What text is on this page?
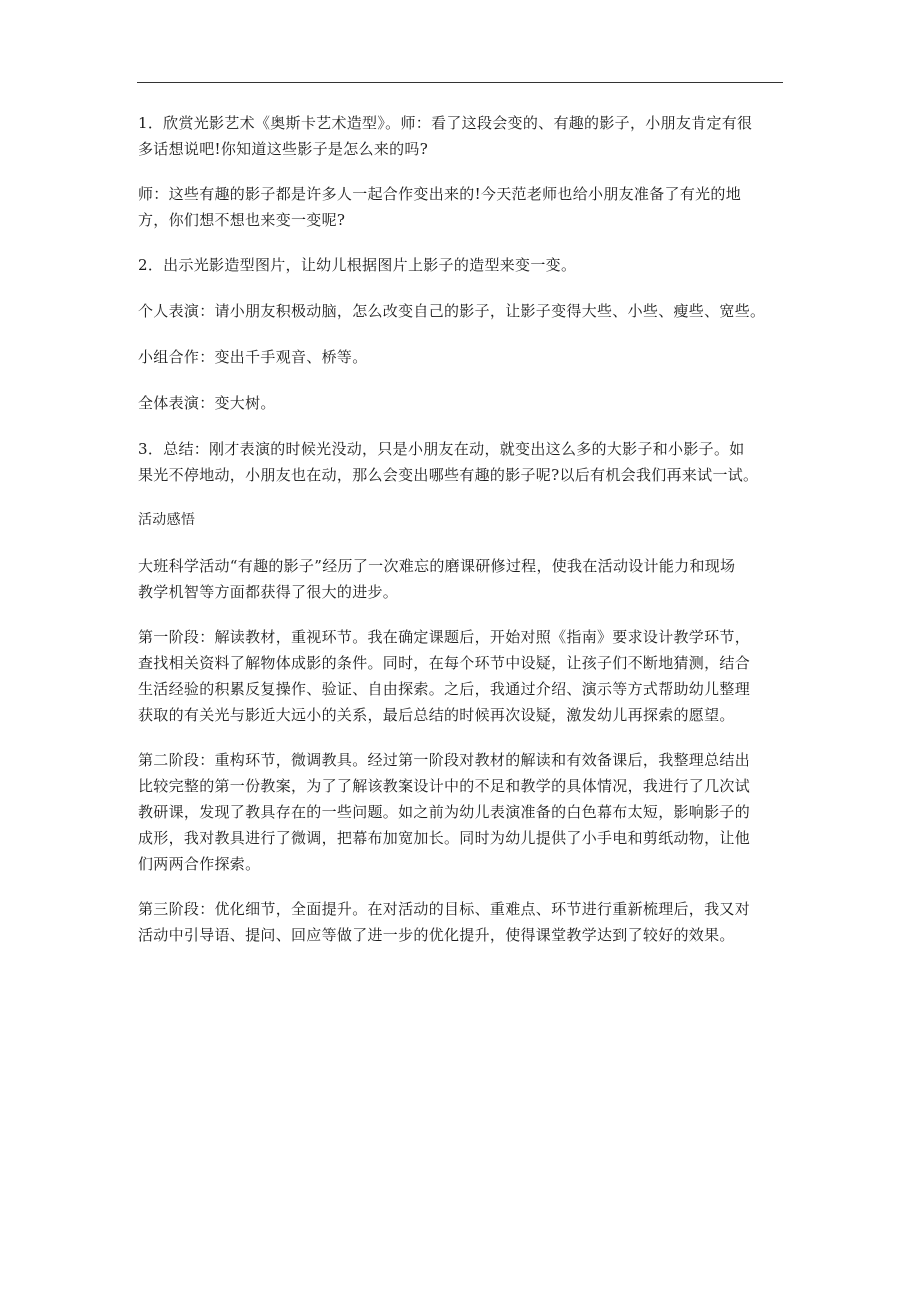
1．欣赏光影艺术《奥斯卡艺术造型》。师：看了这段会变的、有趣的影子，小朋友肯定有很
多话想说吧!你知道这些影子是怎么来的吗?

师：这些有趣的影子都是许多人一起合作变出来的!今天范老师也给小朋友准备了有光的地
方，你们想不想也来变一变呢?

2．出示光影造型图片，让幼儿根据图片上影子的造型来变一变。

个人表演：请小朋友积极动脑，怎么改变自己的影子，让影子变得大些、小些、瘦些、宽些。

小组合作：变出千手观音、桥等。

全体表演：变大树。

3．总结：刚才表演的时候光没动，只是小朋友在动，就变出这么多的大影子和小影子。如
果光不停地动，小朋友也在动，那么会变出哪些有趣的影子呢?以后有机会我们再来试一试。

活动感悟

大班科学活动“有趣的影子”经历了一次难忘的磨课研修过程，使我在活动设计能力和现场
教学机智等方面都获得了很大的进步。

第一阶段：解读教材，重视环节。我在确定课题后，开始对照《指南》要求设计教学环节，
查找相关资料了解物体成影的条件。同时，在每个环节中设疑，让孩子们不断地猜测，结合
生活经验的积累反复操作、验证、自由探索。之后，我通过介绍、演示等方式帮助幼儿整理
获取的有关光与影近大远小的关系，最后总结的时候再次设疑，激发幼儿再探索的愿望。

第二阶段：重构环节，微调教具。经过第一阶段对教材的解读和有效备课后，我整理总结出
比较完整的第一份教案，为了了解该教案设计中的不足和教学的具体情况，我进行了几次试
教研课，发现了教具存在的一些问题。如之前为幼儿表演准备的白色幕布太短，影响影子的
成形，我对教具进行了微调，把幕布加宽加长。同时为幼儿提供了小手电和剪纸动物，让他
们两两合作探索。

第三阶段：优化细节，全面提升。在对活动的目标、重难点、环节进行重新梳理后，我又对
活动中引导语、提问、回应等做了进一步的优化提升，使得课堂教学达到了较好的效果。
